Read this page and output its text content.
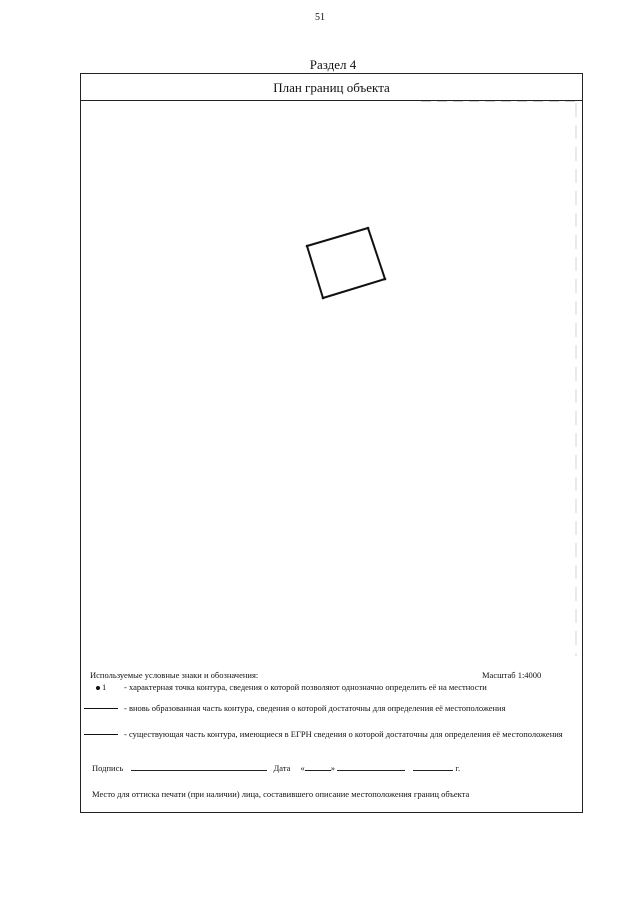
51
Раздел 4
План границ объекта
Используемые условные знаки и обозначения:	Масштаб 1:4000
1 - характерная точка контура, сведения о которой позволяют однозначно определить её на местности
- вновь образованная часть контура, сведения о которой достаточны для определения её местоположения
- существующая часть контура, имеющиеся в ЕГРН сведения о которой достаточны для определения её местоположения
Подпись	Дата «	»	г.
Место для оттиска печати (при наличии) лица, составившего описание местоположения границ объекта
